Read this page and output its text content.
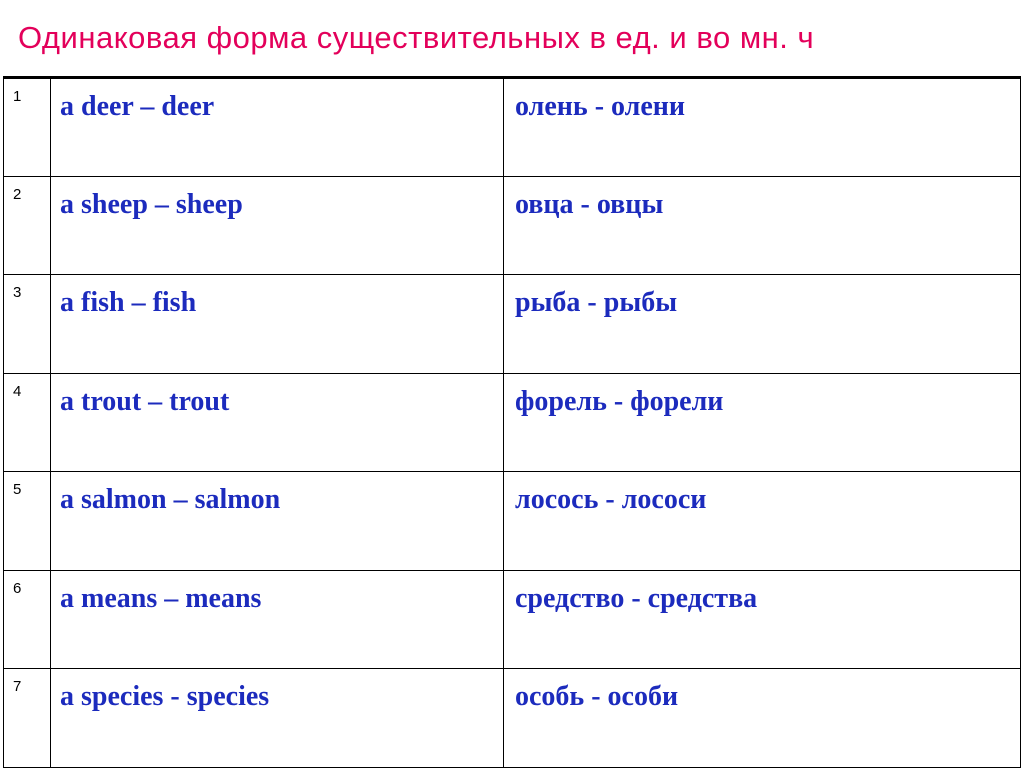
Одинаковая форма существительных в ед. и во мн. ч
1	a deer – deer	олень - олени
2	a sheep – sheep	овца - овцы
3	a fish – fish	рыба - рыбы
4	a trout – trout	форель - форели
5	a salmon – salmon	лосось - лососи
6	a means – means	средство - средства
7	a species - species	особь - особи
